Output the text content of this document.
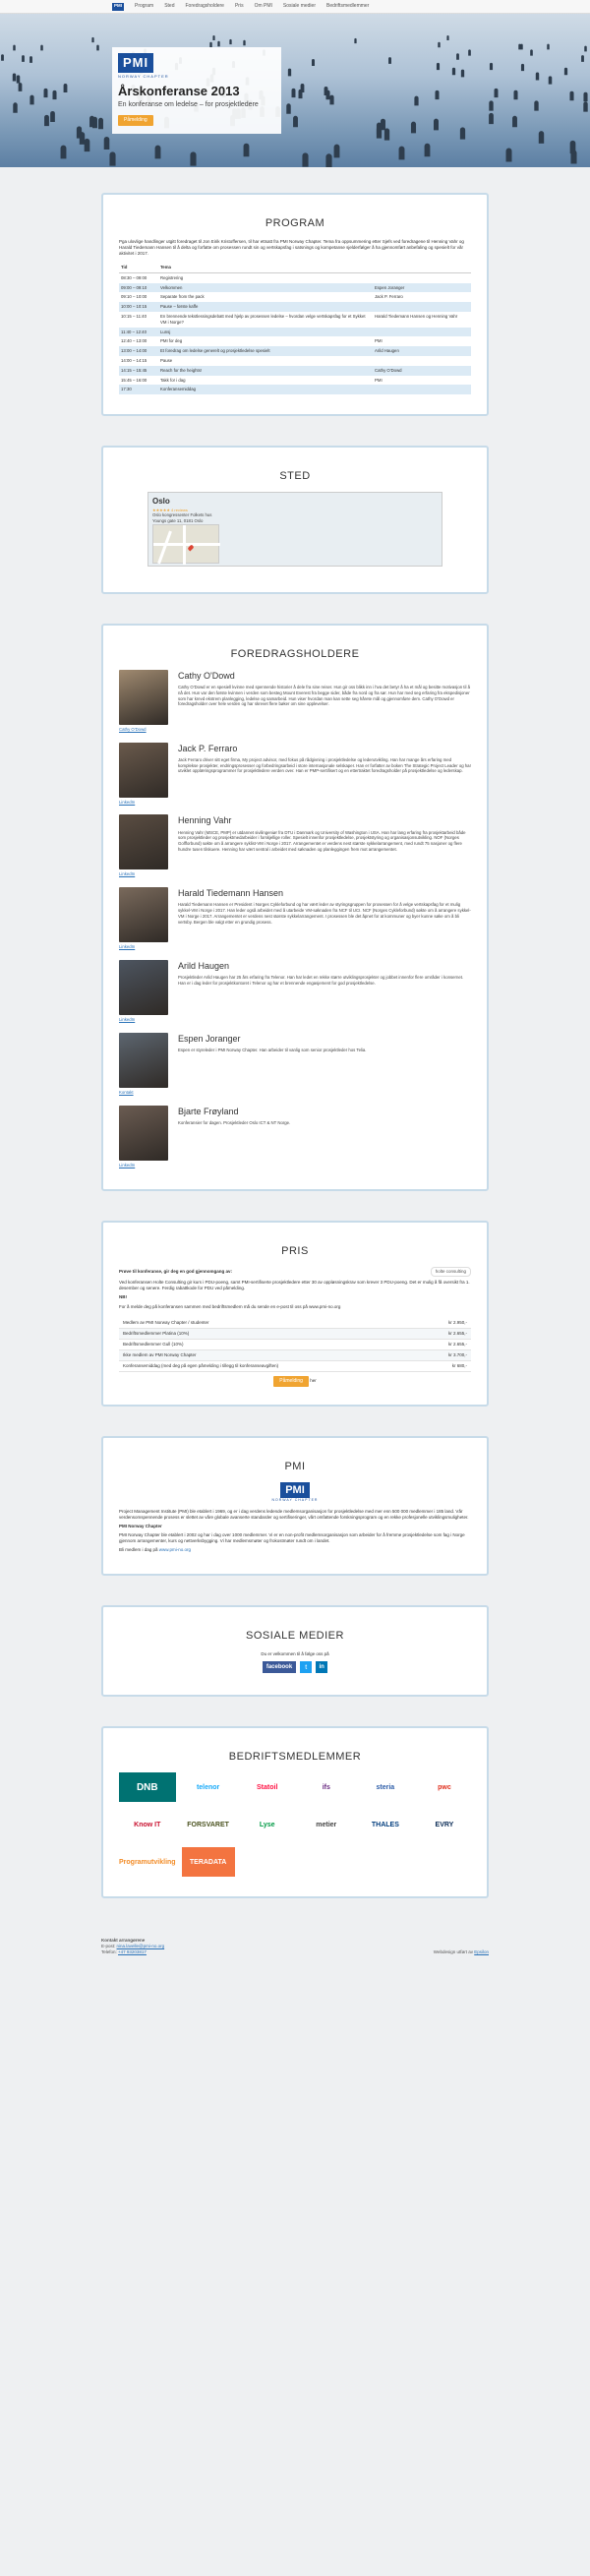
PMI	Program Sted Foredragsholdere Pris Om PMI Sosiale medier Bedriftsmedlemmer
PMI
NORWAY CHAPTER
Årskonferanse 2013
En konferanse om ledelse – for prosjektledere
Påmelding
PROGRAM

Pga ulovlige handlinger utgitt foredraget til Jon Eirik Kristoffersen, til har ettsatt fra PMI Norway Chapter. Tema fra oppsummering etter Sjefs ved foredragene til Henning Vahr og Harald Tiedemann Hansen til å delta og forfatte om prosessen rundt sin og vertskapsfag i satsnings og kompetanse sjelderfølger å ha gjennomført anbefaling og spesielt for vår aktivitet i 2017.

Tid	Tema	
08:30 – 09:00	Registrering	
09:00 – 09:10	Velkommen	Espen Joranger
09:10 – 10:00	Separate from the pack	Jack P. Ferraro
10:00 – 10:15	Pause – første kaffe	
10:15 – 11:40	En brennende tekstlessingsdebatt med hjelp av prosessen ledelse – hvordan velge vertskapsfag for et Sykket VM i Norge?	Harald Tiedemann Hansen og Henning Vahr
11:40 – 12:40	Lunsj	
12:40 – 13:00	PMI for deg	PMI
13:00 – 14:00	Et foredrag om ledelse generelt og prosjektledelse spesielt	Arild Haugen
14:00 – 14:15	Pause	
14:15 – 15:45	Reach for the heights!	Cathy O'Dowd
15:45 – 16:00	Takk for i dag	PMI
17:30	Konferansemiddag	
STED
Oslo
★★★★★ 4 reviews
Oslo kongressenter Folkets hus
Youngs gate 11, 0181 Oslo
FOREDRAGSHOLDERE
Cathy O'Dowd
Cathy O'Dowd
Cathy O'Dowd er en spesiell kvinne med spennende historier å dele fra sine reiser. Hun gir oss blikk inn i hva det betyr å ha et mål og besitte motivasjon til å nå det. Hun var den første kvinnen i verden som besteg Mount Everest fra begge sider, både fra nord og fra sør. Hun har med seg erfaring fra ekspedisjoner som har krevd ekstrem planlegging, ledelse og samarbeid. Hun viser hvordan man kan sette seg hårete mål og gjennomføre dem. Cathy O'Dowd er foredragsholder over hele verden og har skrevet flere bøker om sine opplevelser.
LinkedIn
Jack P. Ferraro
Jack Ferraro driver sitt eget firma, My project advisor, med fokus på rådgivning i prosjektledelse og lederutvikling. Han har mange års erfaring med komplekse prosjekter, endringsprosesser og forbedringsarbeid i store internasjonale selskaper. Han er forfatter av boken The Strategic Project Leader og har utviklet opplæringsprogrammer for prosjektledere verden over. Han er PMP-sertifisert og en ettertraktet foredragsholder på prosjektledelse og lederskap.
LinkedIn
Henning Vahr
Henning Vahr (MSCE, PMP) er utdannet sivilingeniør fra DTU i Danmark og University of Washington i USA. Han har lang erfaring fra prosjektarbeid både som prosjektleder og prosjektmedarbeider i forskjellige roller. Spesielt innenfor prosjektledelse, prosjektstyring og organisasjonsutvikling. NOF (Norges Golfforbund) søkte om å arrangere syklist-VM i Norge i 2017. Arrangementet er verdens nest største sykkelarrangement, med rundt 75 nasjoner og flere hundre tusen tilskuere. Henning har vært sentral i arbeidet med søknaden og planleggingen frem mot arrangementet.
LinkedIn
Harald Tiedemann Hansen
Harald Tiedemann Hansen er President i Norges Cykleforbund og har vært leder av styringsgruppen for prosessen for å velge vertskapsfag for et mulig sykkel-VM i Norge i 2017. Han leder også arbeidet med å utarbeide VM-søknaden fra NCF til UCI. NCF (Norges Cykleforbund) søkte om å arrangere sykkel-VM i Norge i 2017. Arrangementet er verdens nest største sykkelarrangement. I prosessen ble det åpnet for at kommuner og byer kunne søke om å bli vertsby. Bergen ble valgt etter en grundig prosess.
LinkedIn
Arild Haugen
Prosjektleder Arild Haugen har 25 års erfaring fra Telenor. Han har ledet en rekke større utviklingsprosjekter og jobbet innenfor flere områder i konsernet. Han er i dag leder for prosjektkontoret i Telenor og har et brennende engasjement for god prosjektledelse.
Kontakt
Espen Joranger
Espen er styreleder i PMI Norway Chapter. Han arbeider til vanlig som senior prosjektleder hos Telia.
LinkedIn
Bjarte Frøyland
Konferansier for dagen. Prosjektleder Oslo ICT & NT Norge.
PRIS
Prøve til konferanse, gir deg en god gjennomgang av:	holte consulting

Ved konferansen Holte Consulting gir kurs i PDU-poeng, samt PMI-sertifiserte prosjektledere etter 30 av oppløsningskrav som krever 3 PDU-poeng. Det er mulig å få oversikt fra 1. desember og senere. Ferdig rabattkode for PDU ved påmelding.

NB!

For å melde deg på konferansen sammen med bedriftsmedlem må du sende en e-post til oss på www.pmi-no.org

Medlem av PMI Norway Chapter / studenter	kr 2.950,-
Bedriftsmedlemmer Platina (10%)	kr 2.655,-
Bedriftsmedlemmer Gull (10%)	kr 2.655,-
Ikke medlem av PMI Norway Chapter	kr 3.700,-
Konferansemiddag (med deg på egen påmelding i tillegg til konferanseavgiften)	kr 680,-
Påmelding her
PMI
PMI
NORWAY CHAPTER

Project Management Institute (PMI) ble etablert i 1969, og er i dag verdens ledende medlemsorganisasjon for prosjektledelse med mer enn 500 000 medlemmer i 185 land. Vår verdensomspennende prosess er slettet av våre globale avanserte standarder og sertifiseringer, vårt omfattende forskningsprogram og en rekke profesjonelle utviklingsmuligheter.

PMI Norway Chapter

PMI Norway Chapter ble etablert i 2002 og har i dag over 1000 medlemmer. Vi er en non-profit medlemsorganisasjon som arbeider for å fremme prosjektledelse som fag i Norge gjennom arrangementer, kurs og nettverksbygging. Vi har medlemsmøter og frokostmøter rundt om i landet.

Bli medlem i dag på www.pmi-no.org

SOSIALE MEDIER
Du er velkommen til å følge oss på
facebook	t	in
BEDRIFTSMEDLEMMER
DNB	telenor	Statoil	ifs	steria	pwc
Know IT	FORSVARET	Lyse	metier	THALES	EVRY
Programutvikling	TERADATA
Kontakt arrangørene
E-post: nina.lavelle@pmi-no.org
Telefon: +47 93203817	Webdesign utført av Epsilon
